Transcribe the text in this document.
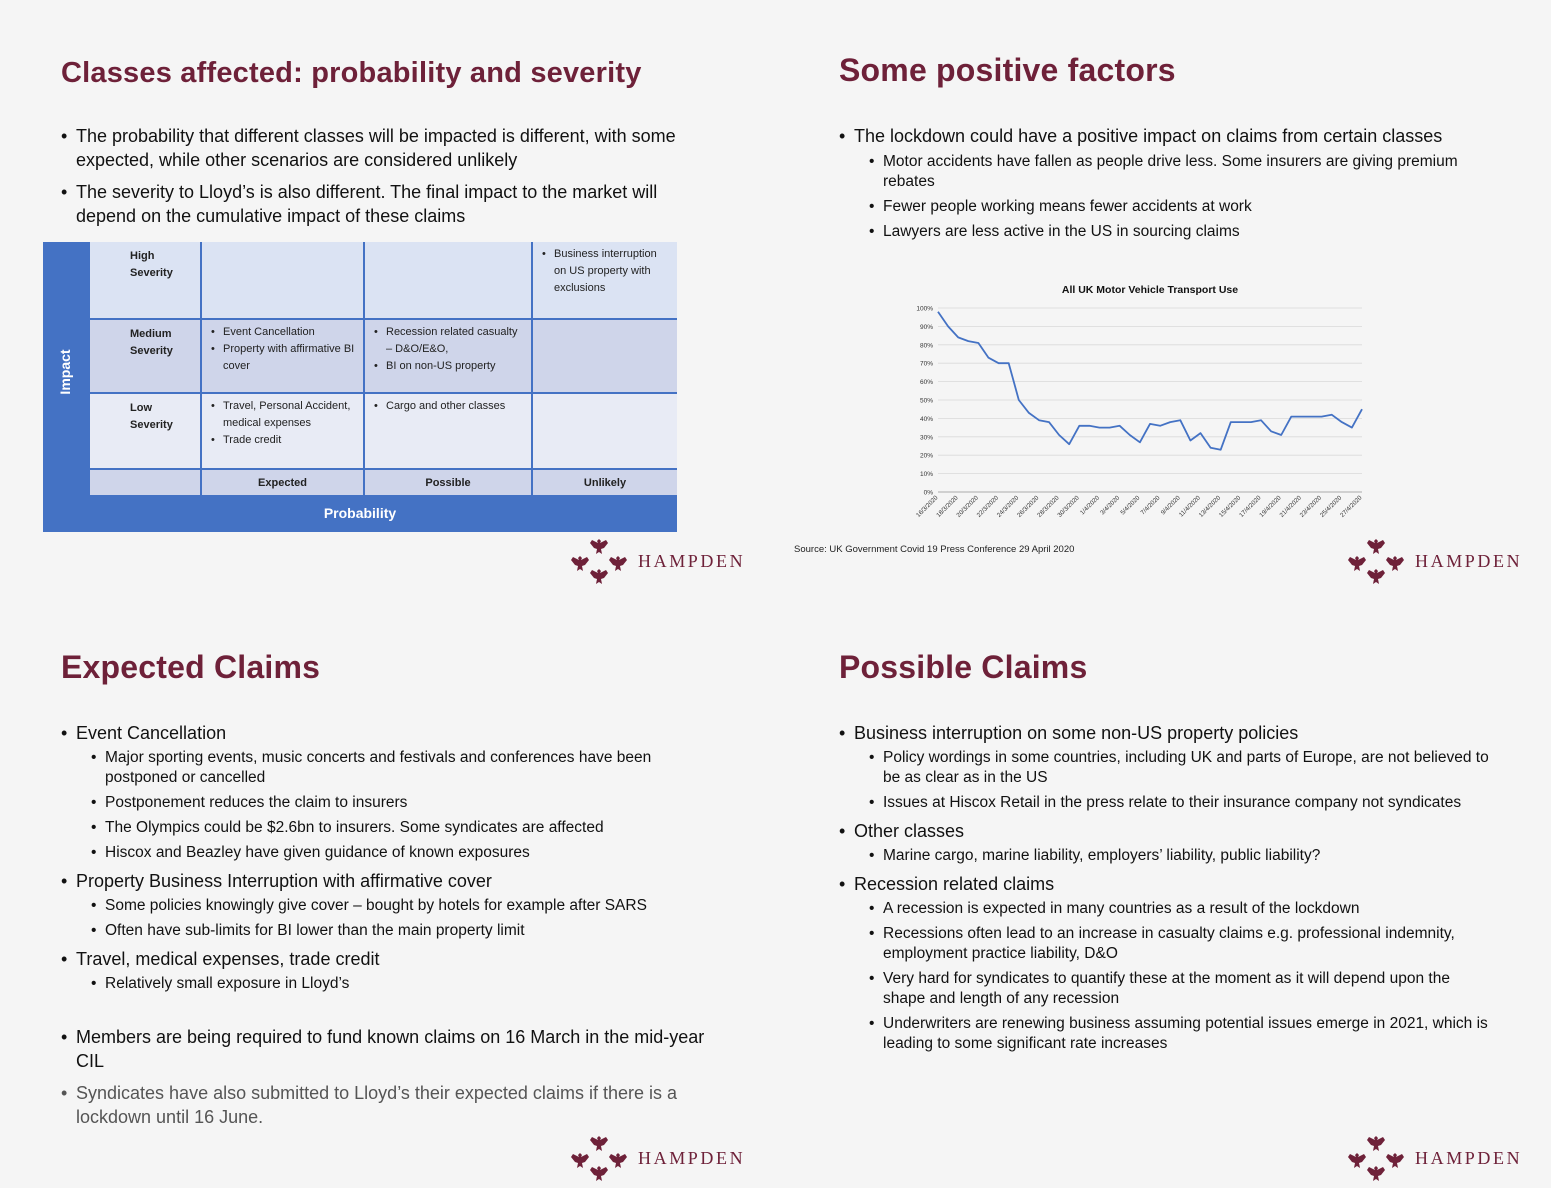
Classes affected: probability and severity
• The probability that different classes will be impacted is different, with some expected, while other scenarios are considered unlikely
• The severity to Lloyd’s is also different. The final impact to the market will depend on the cumulative impact of these claims
Impact
High Severity
• Business interruption on US property with exclusions
Medium Severity
• Event Cancellation
• Property with affirmative BI cover
• Recession related casualty – D&O/E&O,
• BI on non-US property
Low Severity
• Travel, Personal Accident, medical expenses
• Trade credit
• Cargo and other classes
Expected	Possible	Unlikely
Probability
HAMPDEN
Some positive factors
• The lockdown could have a positive impact on claims from certain classes
• Motor accidents have fallen as people drive less. Some insurers are giving premium rebates
• Fewer people working means fewer accidents at work
• Lawyers are less active in the US in sourcing claims
All UK Motor Vehicle Transport Use
0%
10%
20%
30%
40%
50%
60%
70%
80%
90%
100%
16/3/2020
18/3/2020
20/3/2020
22/3/2020
24/3/2020
26/3/2020
28/3/2020
30/3/2020
1/4/2020
3/4/2020
5/4/2020
7/4/2020
9/4/2020
11/4/2020
13/4/2020
15/4/2020
17/4/2020
19/4/2020
21/4/2020
23/4/2020
25/4/2020
27/4/2020
Source: UK Government Covid 19 Press Conference 29 April 2020
HAMPDEN
Expected Claims
• Event Cancellation
• Major sporting events, music concerts and festivals and conferences have been postponed or cancelled
• Postponement reduces the claim to insurers
• The Olympics could be $2.6bn to insurers. Some syndicates are affected
• Hiscox and Beazley have given guidance of known exposures
• Property Business Interruption with affirmative cover
• Some policies knowingly give cover – bought by hotels for example after SARS
• Often have sub-limits for BI lower than the main property limit
• Travel, medical expenses, trade credit
• Relatively small exposure in Lloyd’s
• Members are being required to fund known claims on 16 March in the mid-year CIL
• Syndicates have also submitted to Lloyd’s their expected claims if there is a lockdown until 16 June.
HAMPDEN
Possible Claims
• Business interruption on some non-US property policies
• Policy wordings in some countries, including UK and parts of Europe, are not believed to be as clear as in the US
• Issues at Hiscox Retail in the press relate to their insurance company not syndicates
• Other classes
• Marine cargo, marine liability, employers’ liability, public liability?
• Recession related claims
• A recession is expected in many countries as a result of the lockdown
• Recessions often lead to an increase in casualty claims e.g. professional indemnity, employment practice liability, D&O
• Very hard for syndicates to quantify these at the moment as it will depend upon the shape and length of any recession
• Underwriters are renewing business assuming potential issues emerge in 2021, which is leading to some significant rate increases
HAMPDEN
